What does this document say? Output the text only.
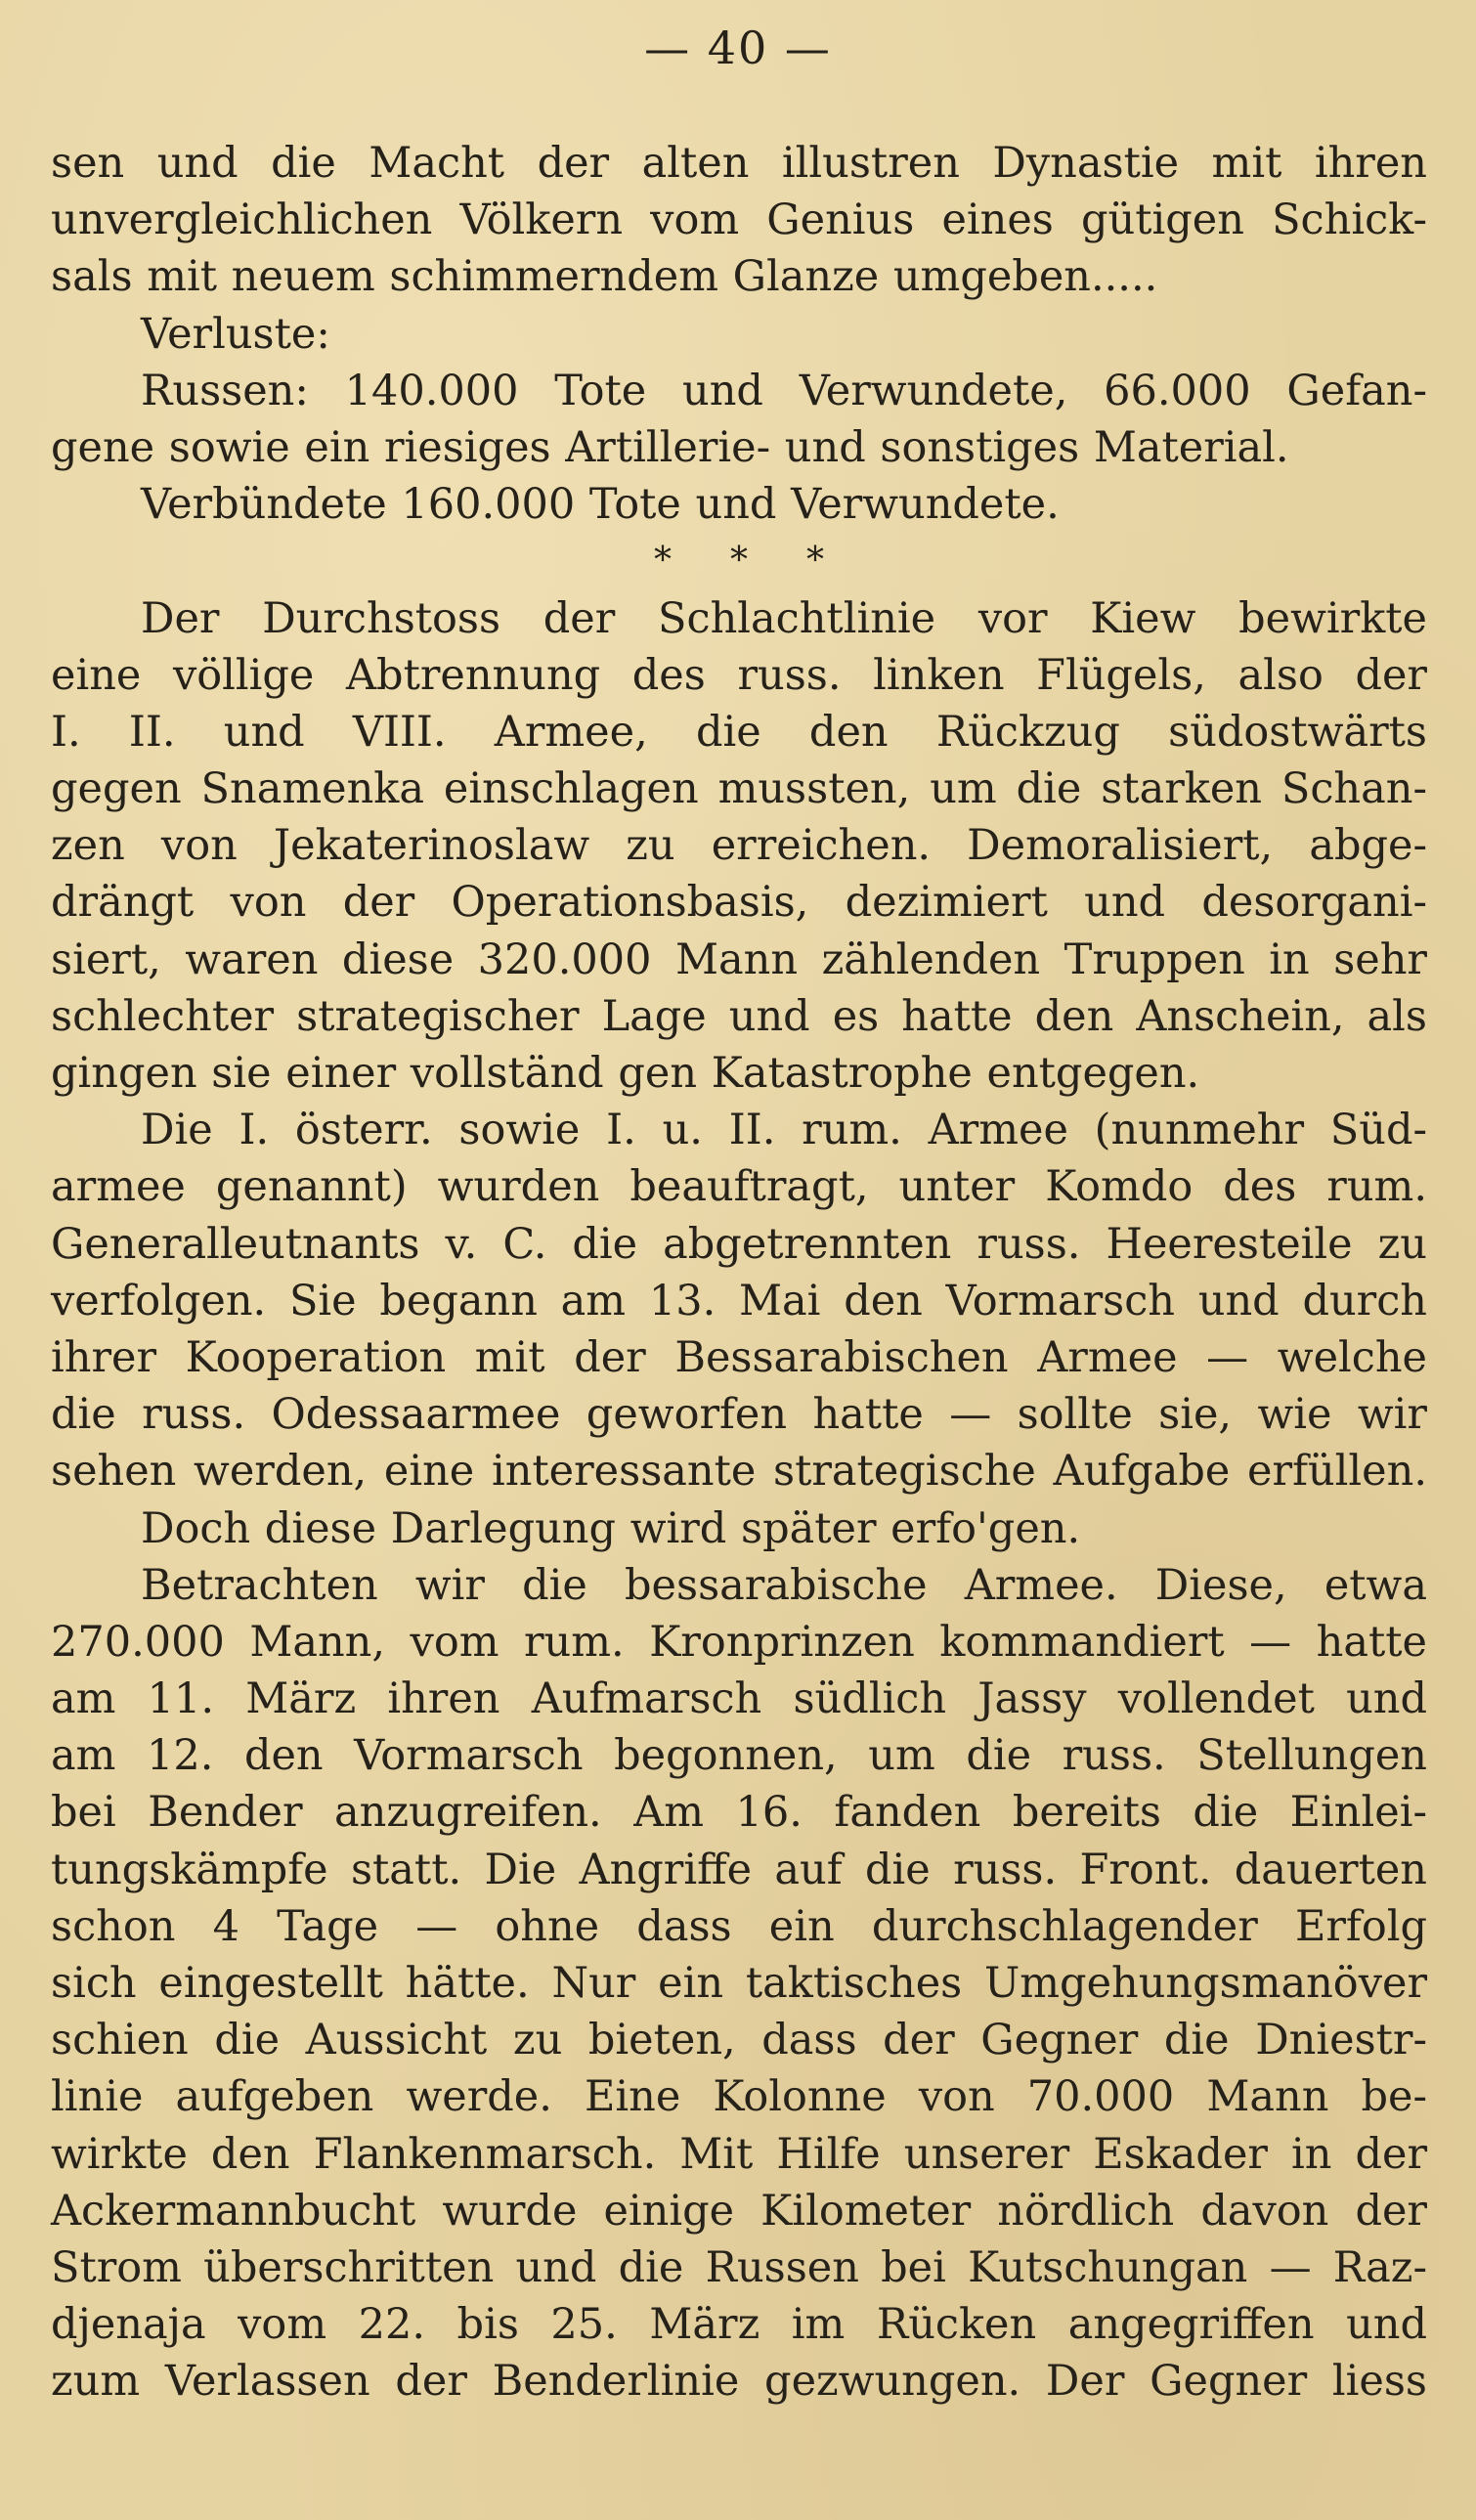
— 40 —
sen und die Macht der alten illustren Dynastie mit ihren
unvergleichlichen Völkern vom Genius eines gütigen Schick-
sals mit neuem schimmerndem Glanze umgeben.....
Verluste:
Russen: 140.000 Tote und Verwundete, 66.000 Gefan-
gene sowie ein riesiges Artillerie- und sonstiges Material.
Verbündete 160.000 Tote und Verwundete.
***
Der Durchstoss der Schlachtlinie vor Kiew bewirkte
eine völlige Abtrennung des russ. linken Flügels, also der
I. II. und VIII. Armee, die den Rückzug südostwärts
gegen Snamenka einschlagen mussten, um die starken Schan-
zen von Jekaterinoslaw zu erreichen. Demoralisiert, abge-
drängt von der Operationsbasis, dezimiert und desorgani-
siert, waren diese 320.000 Mann zählenden Truppen in sehr
schlechter strategischer Lage und es hatte den Anschein, als
gingen sie einer vollständ gen Katastrophe entgegen.
Die I. österr. sowie I. u. II. rum. Armee (nunmehr Süd-
armee genannt) wurden beauftragt, unter Komdo des rum.
Generalleutnants v. C. die abgetrennten russ. Heeresteile zu
verfolgen. Sie begann am 13. Mai den Vormarsch und durch
ihrer Kooperation mit der Bessarabischen Armee — welche
die russ. Odessaarmee geworfen hatte — sollte sie, wie wir
sehen werden, eine interessante strategische Aufgabe erfüllen.
Doch diese Darlegung wird später erfo'gen.
Betrachten wir die bessarabische Armee. Diese, etwa
270.000 Mann, vom rum. Kronprinzen kommandiert — hatte
am 11. März ihren Aufmarsch südlich Jassy vollendet und
am 12. den Vormarsch begonnen, um die russ. Stellungen
bei Bender anzugreifen. Am 16. fanden bereits die Einlei-
tungskämpfe statt. Die Angriffe auf die russ. Front. dauerten
schon 4 Tage — ohne dass ein durchschlagender Erfolg
sich eingestellt hätte. Nur ein taktisches Umgehungsmanöver
schien die Aussicht zu bieten, dass der Gegner die Dniestr-
linie aufgeben werde. Eine Kolonne von 70.000 Mann be-
wirkte den Flankenmarsch. Mit Hilfe unserer Eskader in der
Ackermannbucht wurde einige Kilometer nördlich davon der
Strom überschritten und die Russen bei Kutschungan — Raz-
djenaja vom 22. bis 25. März im Rücken angegriffen und
zum Verlassen der Benderlinie gezwungen. Der Gegner liess
